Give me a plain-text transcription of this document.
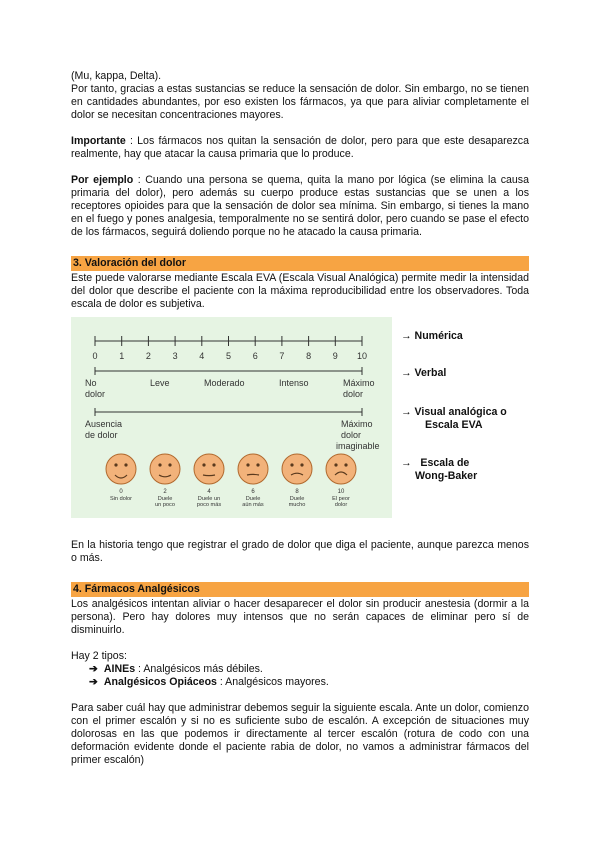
(Mu, kappa, Delta).

Por tanto, gracias a estas sustancias se reduce la sensación de dolor. Sin embargo, no se tienen en cantidades abundantes, por eso existen los fármacos, ya que para aliviar completamente el dolor se necesitan concentraciones mayores.

Importante : Los fármacos nos quitan la sensación de dolor, pero para que este desaparezca realmente, hay que atacar la causa primaria que lo produce.

Por ejemplo : Cuando una persona se quema, quita la mano por lógica (se elimina la causa primaria del dolor), pero además su cuerpo produce estas sustancias que se unen a los receptores opioides para que la sensación de dolor sea mínima. Sin embargo, si tienes la mano en el fuego y pones analgesia, temporalmente no se sentirá dolor, pero cuando se pase el efecto de los fármacos, seguirá doliendo porque no he atacado la causa primaria.

3. Valoración del dolor

Este puede valorarse mediante Escala EVA (Escala Visual Analógica) permite medir la intensidad del dolor que describe el paciente con la máxima reproducibilidad entre los observadores. Toda escala de dolor es subjetiva.

0 1 2 3 4 5 6 7 8 9 10
No
dolor
Leve	Moderado	Intenso	Máximo
dolor
Ausencia
de dolor
Máximo
dolor
imaginable
0
Sin dolor
2
Duele
un poco
4
Duele un
poco más
6
Duele
aún más
8
Duele
mucho
10
El peor
dolor
→ Numérica
→ Verbal
→ Visual analógica o
Escala EVA
→   Escala de
Wong-Baker

En la historia tengo que registrar el grado de dolor que diga el paciente, aunque parezca menos o más.

4. Fármacos Analgésicos

Los analgésicos intentan aliviar o hacer desaparecer el dolor sin producir anestesia (dormir a la persona). Pero hay dolores muy intensos que no serán capaces de eliminar pero sí de disminuirlo.

Hay 2 tipos:

➔ AINEs : Analgésicos más débiles.
➔ Analgésicos Opiáceos : Analgésicos mayores.

Para saber cuál hay que administrar debemos seguir la siguiente escala. Ante un dolor, comienzo con el primer escalón y si no es suficiente subo de escalón. A excepción de situaciones muy dolorosas en las que podemos ir directamente al tercer escalón (rotura de codo con una deformación evidente donde el paciente rabia de dolor, no vamos a administrar fármacos del primer escalón)
